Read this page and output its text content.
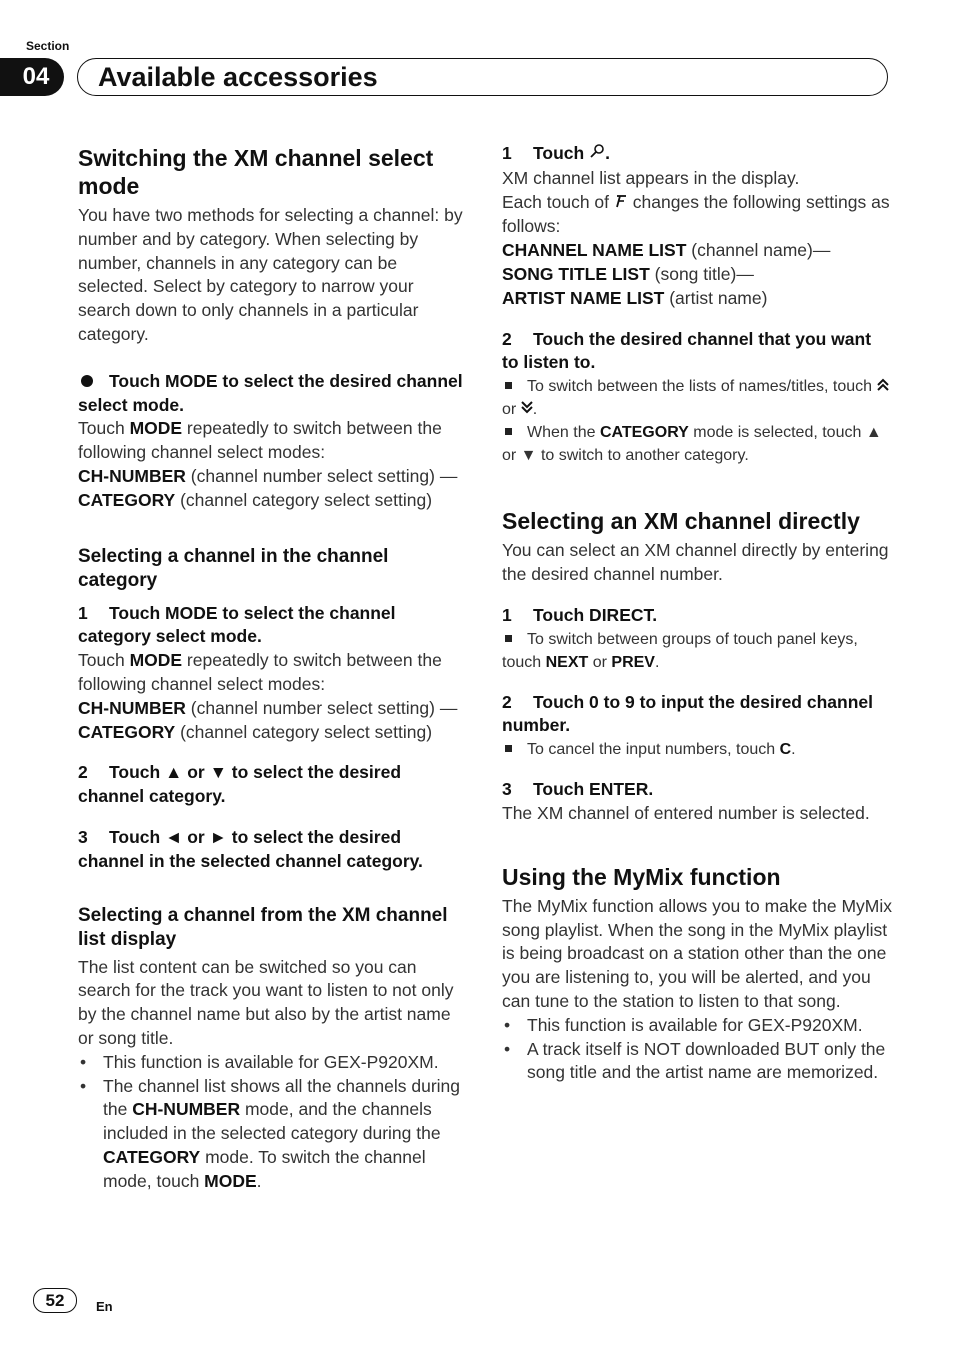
Section
04	Available accessories
Switching the XM channel select mode

You have two methods for selecting a channel: by number and by category. When selecting by number, channels in any category can be selected. Select by category to narrow your search down to only channels in a particular category.

Touch MODE to select the desired channel select mode.

Touch MODE repeatedly to switch between the following channel select modes:

CH-NUMBER (channel number select setting) —CATEGORY (channel category select setting)

Selecting a channel in the channel category

1 Touch MODE to select the channel category select mode.

Touch MODE repeatedly to switch between the following channel select modes:

CH-NUMBER (channel number select setting) —CATEGORY (channel category select setting)

2 Touch ▲ or ▼ to select the desired channel category.

3 Touch ◄ or ► to select the desired channel in the selected channel category.

Selecting a channel from the XM channel list display

The list content can be switched so you can search for the track you want to listen to not only by the channel name but also by the artist name or song title.

• This function is available for GEX-P920XM.
• The channel list shows all the channels during the CH-NUMBER mode, and the channels included in the selected category during the CATEGORY mode. To switch the channel mode, touch MODE.

1 Touch .

XM channel list appears in the display.

Each touch of changes the following settings as follows:

CHANNEL NAME LIST (channel name)—
SONG TITLE LIST (song title)—
ARTIST NAME LIST (artist name)

2 Touch the desired channel that you want to listen to.

To switch between the lists of names/titles, touch  or .

When the CATEGORY mode is selected, touch ▲ or ▼ to switch to another category.

Selecting an XM channel directly

You can select an XM channel directly by entering the desired channel number.

1 Touch DIRECT.

To switch between groups of touch panel keys, touch NEXT or PREV.

2 Touch 0 to 9 to input the desired channel number.

To cancel the input numbers, touch C.

3 Touch ENTER.

The XM channel of entered number is selected.

Using the MyMix function

The MyMix function allows you to make the MyMix song playlist. When the song in the MyMix playlist is being broadcast on a station other than the one you are listening to, you will be alerted, and you can tune to the station to listen to that song.

• This function is available for GEX-P920XM.
• A track itself is NOT downloaded BUT only the song title and the artist name are memorized.
52	En
